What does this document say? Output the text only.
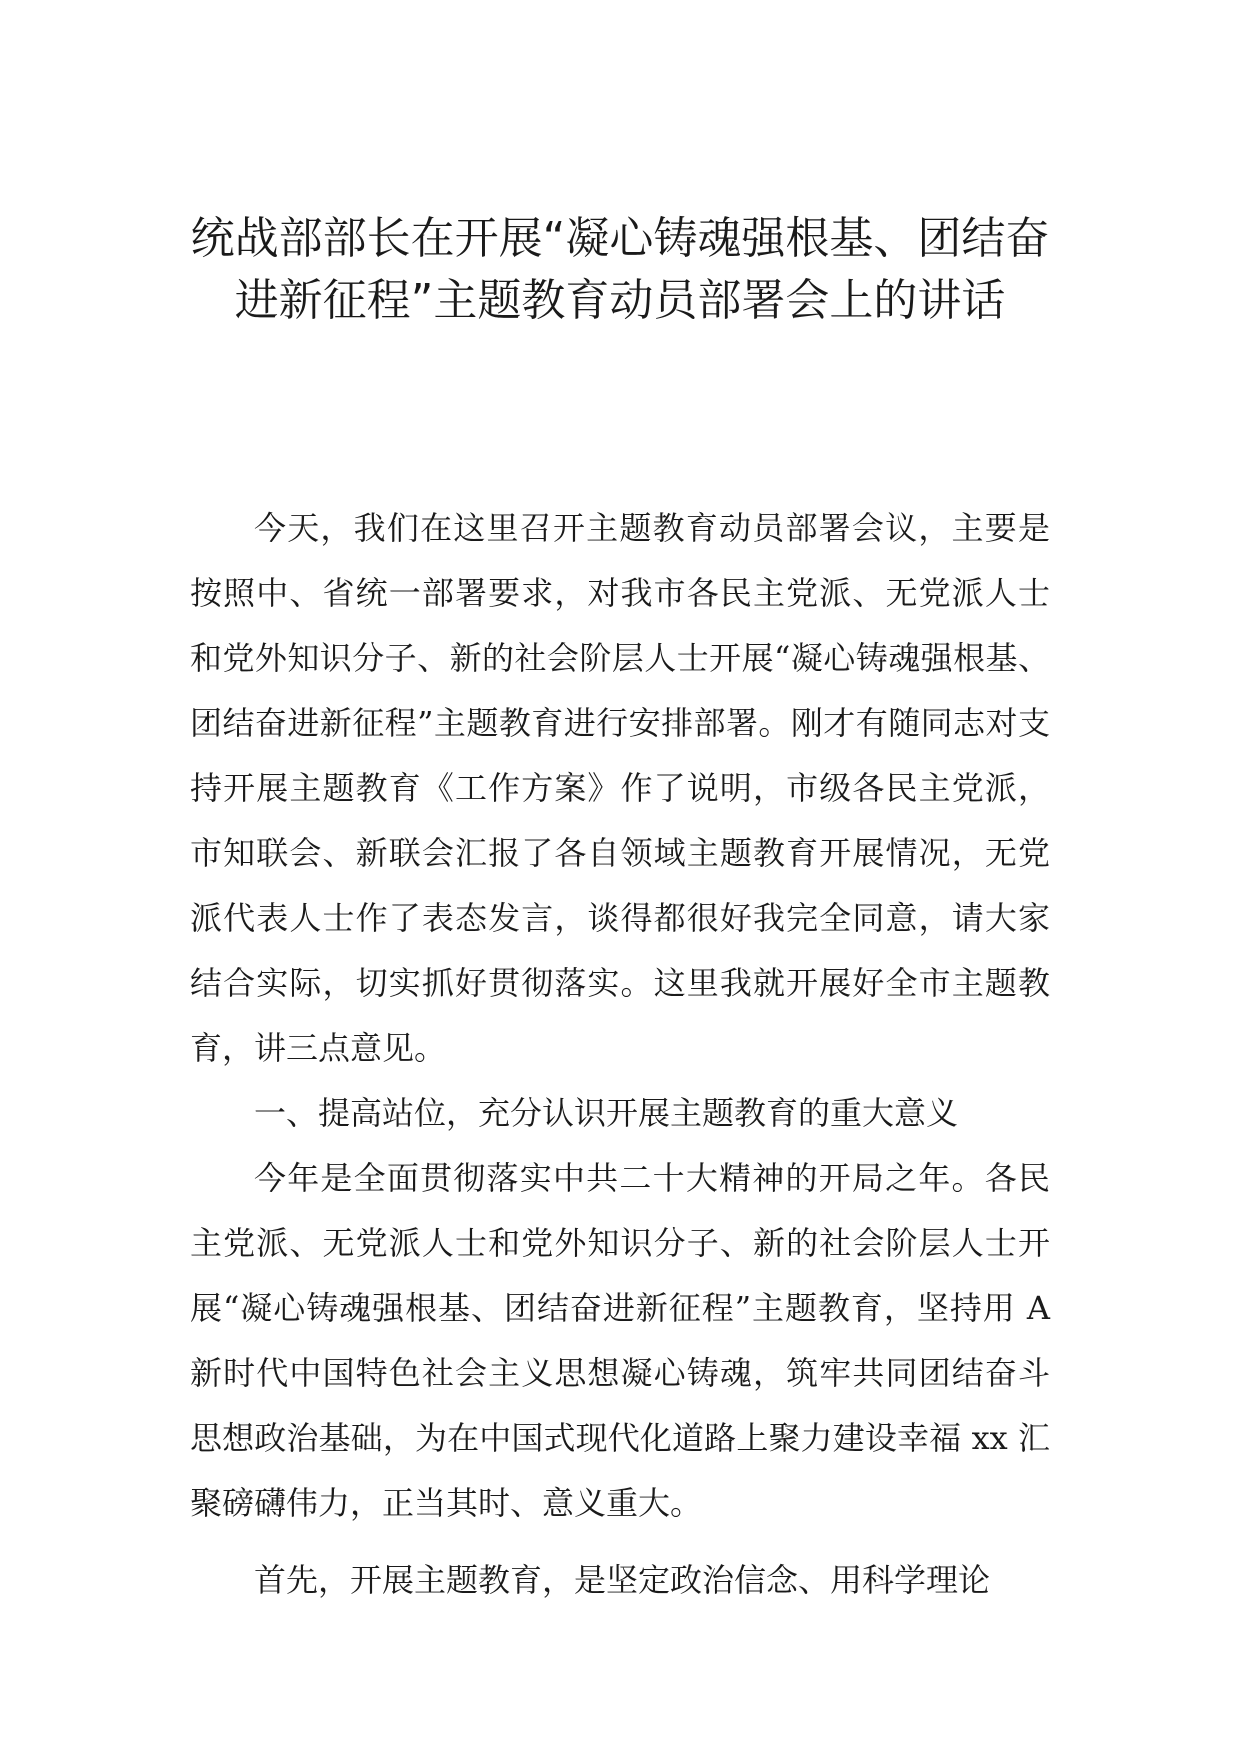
统战部部长在开展“凝心铸魂强根基、团结奋进新征程”主题教育动员部署会上的讲话

今天，我们在这里召开主题教育动员部署会议，主要是按照中、省统一部署要求，对我市各民主党派、无党派人士和党外知识分子、新的社会阶层人士开展“凝心铸魂强根基、团结奋进新征程”主题教育进行安排部署。刚才有随同志对支持开展主题教育《工作方案》作了说明，市级各民主党派，市知联会、新联会汇报了各自领域主题教育开展情况，无党派代表人士作了表态发言，谈得都很好我完全同意，请大家结合实际，切实抓好贯彻落实。这里我就开展好全市主题教育，讲三点意见。

一、提高站位，充分认识开展主题教育的重大意义

今年是全面贯彻落实中共二十大精神的开局之年。各民主党派、无党派人士和党外知识分子、新的社会阶层人士开展“凝心铸魂强根基、团结奋进新征程”主题教育，坚持用 A 新时代中国特色社会主义思想凝心铸魂，筑牢共同团结奋斗思想政治基础，为在中国式现代化道路上聚力建设幸福 xx 汇聚磅礴伟力，正当其时、意义重大。

首先，开展主题教育，是坚定政治信念、用科学理论
